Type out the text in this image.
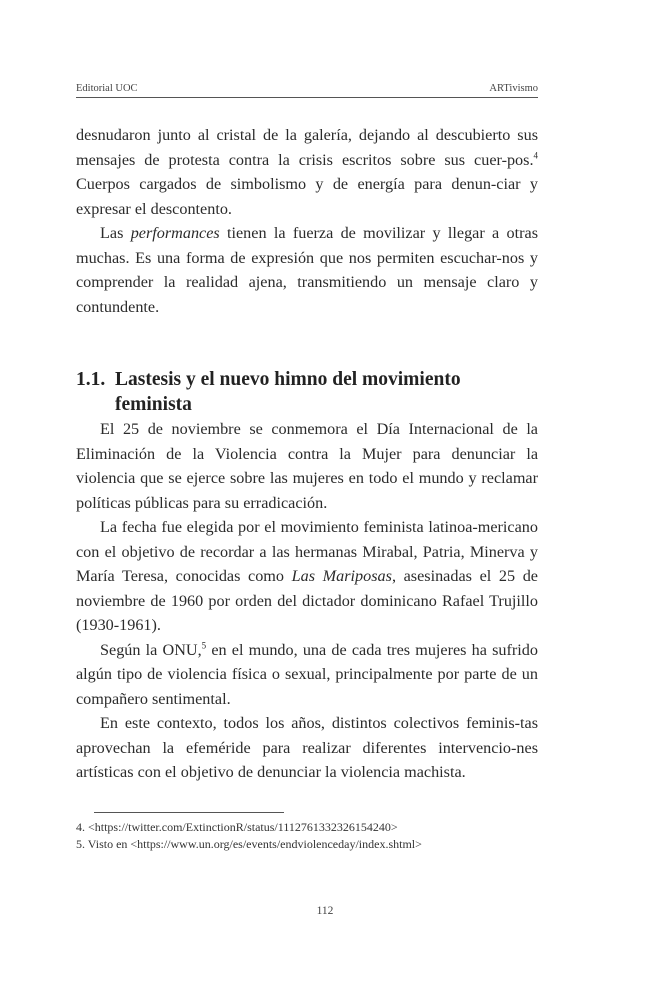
Editorial UOC	ARTivismo

desnudaron junto al cristal de la galería, dejando al descubierto sus mensajes de protesta contra la crisis escritos sobre sus cuer-pos.$^4$ Cuerpos cargados de simbolismo y de energía para denun-ciar y expresar el descontento.

Las performances tienen la fuerza de movilizar y llegar a otras muchas. Es una forma de expresión que nos permiten escuchar-nos y comprender la realidad ajena, transmitiendo un mensaje claro y contundente.

1.1. Lastesis y el nuevo himno del movimiento feminista

El 25 de noviembre se conmemora el Día Internacional de la Eliminación de la Violencia contra la Mujer para denunciar la violencia que se ejerce sobre las mujeres en todo el mundo y reclamar políticas públicas para su erradicación.

La fecha fue elegida por el movimiento feminista latinoa-mericano con el objetivo de recordar a las hermanas Mirabal, Patria, Minerva y María Teresa, conocidas como Las Mariposas, asesinadas el 25 de noviembre de 1960 por orden del dictador dominicano Rafael Trujillo (1930-1961).

Según la ONU,$^5$ en el mundo, una de cada tres mujeres ha sufrido algún tipo de violencia física o sexual, principalmente por parte de un compañero sentimental.

En este contexto, todos los años, distintos colectivos feminis-tas aprovechan la efeméride para realizar diferentes intervencio-nes artísticas con el objetivo de denunciar la violencia machista.

4. <https://twitter.com/ExtinctionR/status/1112761332326154240>

5. Visto en <https://www.un.org/es/events/endviolenceday/index.shtml>

112
